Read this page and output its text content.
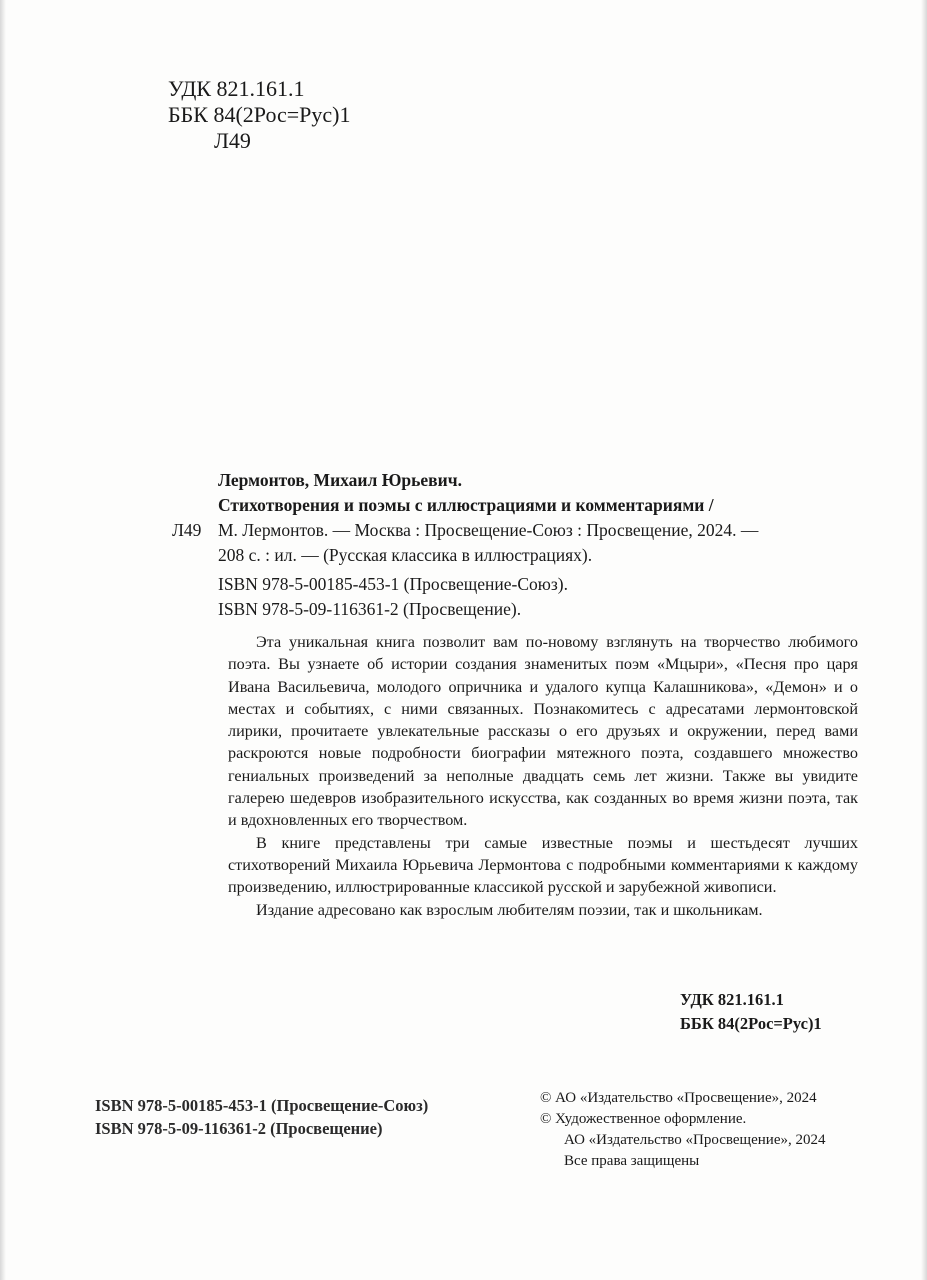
УДК 821.161.1
ББК 84(2Рос=Рус)1
Л49
Л49
Лермонтов, Михаил Юрьевич.
Стихотворения и поэмы с иллюстрациями и комментариями /
М. Лермонтов. — Москва : Просвещение-Союз : Просвещение, 2024. —
208 с. : ил. — (Русская классика в иллюстрациях).
ISBN 978-5-00185-453-1 (Просвещение-Союз).
ISBN 978-5-09-116361-2 (Просвещение).

Эта уникальная книга позволит вам по-новому взглянуть на творчество любимого поэта. Вы узнаете об истории создания знаменитых поэм «Мцыри», «Песня про царя Ивана Васильевича, молодого опричника и удалого купца Калашникова», «Демон» и о местах и событиях, с ними связанных. Познакомитесь с адресатами лермонтовской лирики, прочитаете увлекательные рассказы о его друзьях и окружении, перед вами раскроются новые подробности биографии мятежного поэта, создавшего множество гениальных произведений за неполные двадцать семь лет жизни. Также вы увидите галерею шедевров изобразительного искусства, как созданных во время жизни поэта, так и вдохновленных его творчеством.

В книге представлены три самые известные поэмы и шестьдесят лучших стихотворений Михаила Юрьевича Лермонтова с подробными комментариями к каждому произведению, иллюстрированные классикой русской и зарубежной живописи.

Издание адресовано как взрослым любителям поэзии, так и школьникам.

УДК 821.161.1
ББК 84(2Рос=Рус)1
ISBN 978-5-00185-453-1 (Просвещение-Союз)
ISBN 978-5-09-116361-2 (Просвещение)
© АО «Издательство «Просвещение», 2024
© Художественное оформление.
АО «Издательство «Просвещение», 2024
Все права защищены
